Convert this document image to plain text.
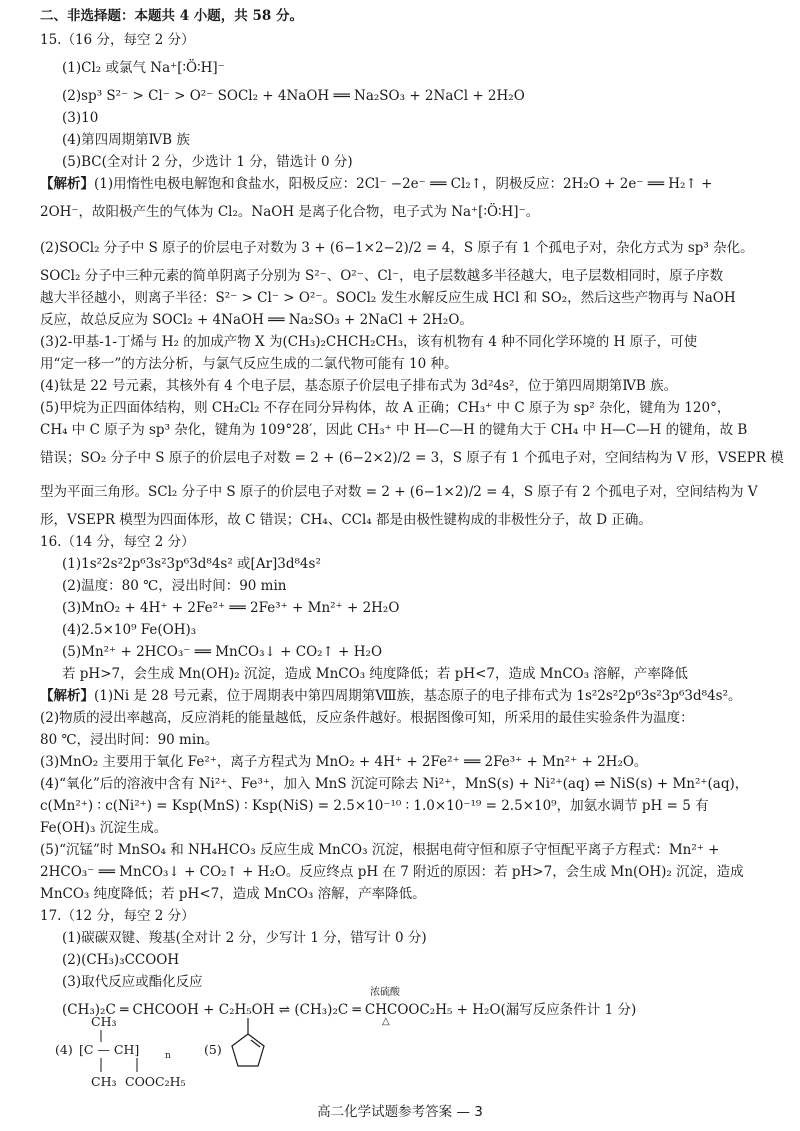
二、非选择题：本题共 4 小题，共 58 分。
15.（16 分，每空 2 分）
(1)Cl₂ 或氯气 Na⁺[∶Ö∶H]⁻
(2)sp³ S²⁻ > Cl⁻ > O²⁻ SOCl₂ + 4NaOH ══ Na₂SO₃ + 2NaCl + 2H₂O
(3)10
(4)第四周期第ⅣB 族
(5)BC(全对计 2 分，少选计 1 分，错选计 0 分)
【解析】(1)用惰性电极电解饱和食盐水，阳极反应：2Cl⁻ −2e⁻ ══ Cl₂↑，阴极反应：2H₂O + 2e⁻ ══ H₂↑ +
2OH⁻，故阳极产生的气体为 Cl₂。NaOH 是离子化合物，电子式为 Na⁺[∶Ö∶H]⁻。
(2)SOCl₂ 分子中 S 原子的价层电子对数为 3 + (6−1×2−2)/2 = 4，S 原子有 1 个孤电子对，杂化方式为 sp³ 杂化。
SOCl₂ 分子中三种元素的简单阴离子分别为 S²⁻、O²⁻、Cl⁻，电子层数越多半径越大，电子层数相同时，原子序数
越大半径越小，则离子半径：S²⁻ > Cl⁻ > O²⁻。SOCl₂ 发生水解反应生成 HCl 和 SO₂，然后这些产物再与 NaOH
反应，故总反应为 SOCl₂ + 4NaOH ══ Na₂SO₃ + 2NaCl + 2H₂O。
(3)2-甲基-1-丁烯与 H₂ 的加成产物 X 为(CH₃)₂CHCH₂CH₃，该有机物有 4 种不同化学环境的 H 原子，可使
用“定一移一”的方法分析，与氯气反应生成的二氯代物可能有 10 种。
(4)钛是 22 号元素，其核外有 4 个电子层，基态原子价层电子排布式为 3d²4s²，位于第四周期第ⅣB 族。
(5)甲烷为正四面体结构，则 CH₂Cl₂ 不存在同分异构体，故 A 正确；CH₃⁺ 中 C 原子为 sp² 杂化，键角为 120°，
CH₄ 中 C 原子为 sp³ 杂化，键角为 109°28′，因此 CH₃⁺ 中 H—C—H 的键角大于 CH₄ 中 H—C—H 的键角，故 B
错误；SO₂ 分子中 S 原子的价层电子对数 = 2 + (6−2×2)/2 = 3，S 原子有 1 个孤电子对，空间结构为 V 形，VSEPR 模
型为平面三角形。SCl₂ 分子中 S 原子的价层电子对数 = 2 + (6−1×2)/2 = 4，S 原子有 2 个孤电子对，空间结构为 V
形，VSEPR 模型为四面体形，故 C 错误；CH₄、CCl₄ 都是由极性键构成的非极性分子，故 D 正确。
16.（14 分，每空 2 分）
(1)1s²2s²2p⁶3s²3p⁶3d⁸4s² 或[Ar]3d⁸4s²
(2)温度：80 ℃，浸出时间：90 min
(3)MnO₂ + 4H⁺ + 2Fe²⁺ ══ 2Fe³⁺ + Mn²⁺ + 2H₂O
(4)2.5×10⁹ Fe(OH)₃
(5)Mn²⁺ + 2HCO₃⁻ ══ MnCO₃↓ + CO₂↑ + H₂O
若 pH>7，会生成 Mn(OH)₂ 沉淀，造成 MnCO₃ 纯度降低；若 pH<7，造成 MnCO₃ 溶解，产率降低
【解析】(1)Ni 是 28 号元素，位于周期表中第四周期第Ⅷ族，基态原子的电子排布式为 1s²2s²2p⁶3s²3p⁶3d⁸4s²。
(2)物质的浸出率越高，反应消耗的能量越低，反应条件越好。根据图像可知，所采用的最佳实验条件为温度：
80 ℃，浸出时间：90 min。
(3)MnO₂ 主要用于氧化 Fe²⁺，离子方程式为 MnO₂ + 4H⁺ + 2Fe²⁺ ══ 2Fe³⁺ + Mn²⁺ + 2H₂O。
(4)“氧化”后的溶液中含有 Ni²⁺、Fe³⁺，加入 MnS 沉淀可除去 Ni²⁺，MnS(s) + Ni²⁺(aq) ⇌ NiS(s) + Mn²⁺(aq)，
c(Mn²⁺) ∶ c(Ni²⁺) = Ksp(MnS) ∶ Ksp(NiS) = 2.5×10⁻¹⁰ ∶ 1.0×10⁻¹⁹ = 2.5×10⁹，加氨水调节 pH = 5 有
Fe(OH)₃ 沉淀生成。
(5)“沉锰”时 MnSO₄ 和 NH₄HCO₃ 反应生成 MnCO₃ 沉淀，根据电荷守恒和原子守恒配平离子方程式：Mn²⁺ +
2HCO₃⁻ ══ MnCO₃↓ + CO₂↑ + H₂O。反应终点 pH 在 7 附近的原因：若 pH>7，会生成 Mn(OH)₂ 沉淀，造成
MnCO₃ 纯度降低；若 pH<7，造成 MnCO₃ 溶解，产率降低。
17.（12 分，每空 2 分）
(1)碳碳双键、羧基(全对计 2 分，少写计 1 分，错写计 0 分)
(2)(CH₃)₃CCOOH
(3)取代反应或酯化反应
浓硫酸
(CH₃)₂C ═ CHCOOH + C₂H₅OH ⇌ (CH₃)₂C ═ CHCOOC₂H₅ + H₂O(漏写反应条件计 1 分)
△
(4)
CH₃
[C — CH]	n
CH₃ COOC₂H₅
(5)
高二化学试题参考答案 — 3
